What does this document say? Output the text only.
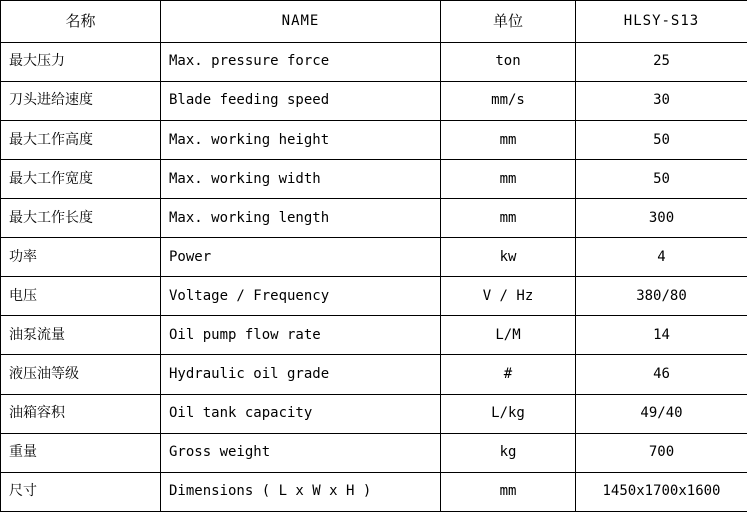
名称	NAME	单位	HLSY-S13
最大压力	Max. pressure force	ton	25
刀头进给速度	Blade feeding speed	mm/s	30
最大工作高度	Max. working height	mm	50
最大工作宽度	Max. working width	mm	50
最大工作长度	Max. working length	mm	300
功率	Power	kw	4
电压	Voltage / Frequency	V / Hz	380/80
油泵流量	Oil pump flow rate	L/M	14
液压油等级	Hydraulic oil grade	#	46
油箱容积	Oil tank capacity	L/kg	49/40
重量	Gross weight	kg	700
尺寸	Dimensions ( L x W x H )	mm	1450x1700x1600
